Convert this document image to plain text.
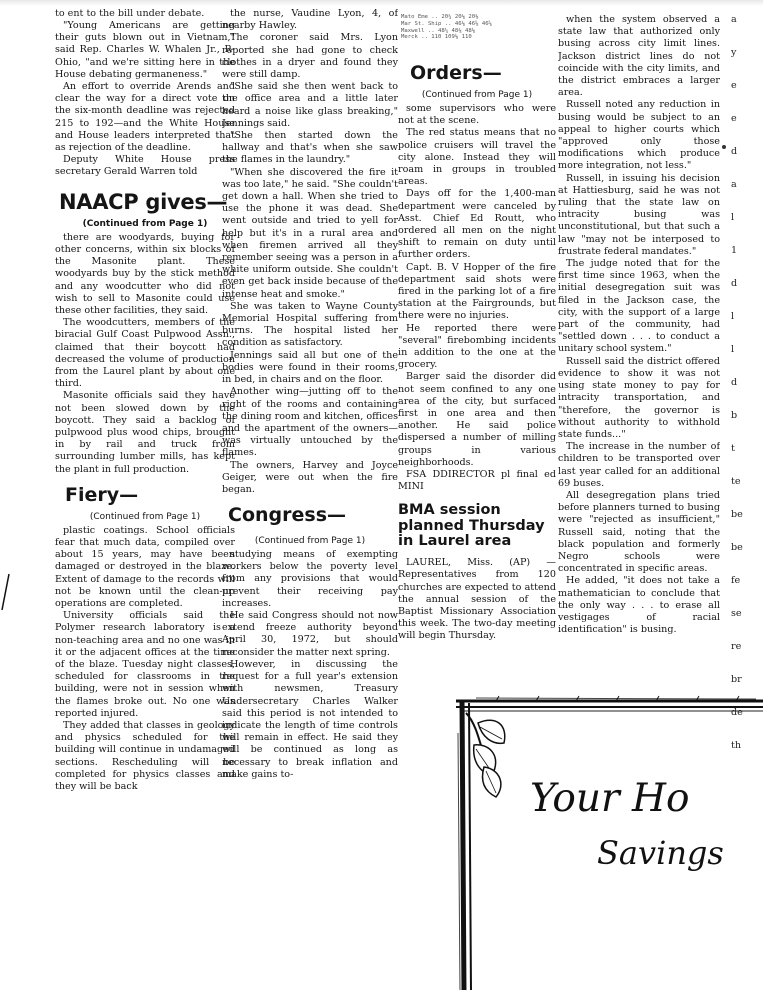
to ent to the bill under debate.

"Young Americans are getting their guts blown out in Vietnam," said Rep. Charles W. Whalen Jr., R-Ohio, "and we're sitting here in the House debating germaneness."

An effort to override Arends and clear the way for a direct vote on the six-month deadline was rejected 215 to 192—and the White House and House leaders interpreted that as rejection of the deadline.

Deputy White House press secretary Gerald Warren told

NAACP gives—

(Continued from Page 1)

there are woodyards, buying for other concerns, within six blocks of the Masonite plant. These woodyards buy by the stick method and any woodcutter who did not wish to sell to Masonite could use these other facilities, they said.

The woodcutters, members of the biracial Gulf Coast Pulpwood Assn., claimed that their boycott had decreased the volume of production from the Laurel plant by about one third.

Masonite officials said they have not been slowed down by the boycott. They said a backlog of pulpwood plus wood chips, brought in by rail and truck from surrounding lumber mills, has kept the plant in full production.

Fiery—

(Continued from Page 1)

plastic coatings. School officials fear that much data, compiled over about 15 years, may have been damaged or destroyed in the blaze. Extent of damage to the records will not be known until the clean-up operations are completed.

University officials said the Polymer research laboratory is a non-teaching area and no one was in it or the adjacent offices at the time of the blaze. Tuesday night classes, scheduled for classrooms in the building, were not in session when the flames broke out. No one was reported injured.

They added that classes in geology and physics scheduled for the building will continue in undamaged sections. Rescheduling will be completed for physics classes and they will be back

the nurse, Vaudine Lyon, 4, of nearby Hawley.

The coroner said Mrs. Lyon reported she had gone to check clothes in a dryer and found they were still damp.

"She said she then went back to the office area and a little later heard a noise like glass breaking," Jennings said.

"She then started down the hallway and that's when she saw the flames in the laundry."

"When she discovered the fire it was too late," he said. "She couldn't get down a hall. When she tried to use the phone it was dead. She went outside and tried to yell for help but it's in a rural area and when firemen arrived all they remember seeing was a person in a white uniform outside. She couldn't even get back inside because of the intense heat and smoke."

She was taken to Wayne County Memorial Hospital suffering from burns. The hospital listed her condition as satisfactory.

Jennings said all but one of the bodies were found in their rooms, in bed, in chairs and on the floor.

Another wing—jutting off to the right of the rooms and containing the dining room and kitchen, offices and the apartment of the owners—was virtually untouched by the flames.

The owners, Harvey and Joyce Geiger, were out when the fire began.

Congress—

(Continued from Page 1)

studying means of exempting workers below the poverty level from any provisions that would prevent their receiving pay increases.

He said Congress should not now extend freeze authority beyond April 30, 1972, but should reconsider the matter next spring.

However, in discussing the request for a full year's extension with newsmen, Treasury Undersecretary Charles Walker said this period is not intended to indicate the length of time controls will remain in effect. He said they will be continued as long as necessary to break inflation and make gains to-

Mato Eme .. 20¼ 20⅛ 20⅛

Mar St. Ship .. 46⅛ 46⅝ 46⅝

Maxwell .. 48¼ 48⅛ 48⅛

Merck .. 110 109⅛ 110

Orders—

(Continued from Page 1)

some supervisors who were not at the scene.

The red status means that no police cruisers will travel the city alone. Instead they will roam in groups in troubled areas.

Days off for the 1,400-man department were canceled by Asst. Chief Ed Routt, who ordered all men on the night shift to remain on duty until further orders.

Capt. B. V Hopper of the fire department said shots were fired in the parking lot of a fire station at the Fairgrounds, but there were no injuries.

He reported there were "several" firebombing incidents in addition to the one at the grocery.

Barger said the disorder did not seem confined to any one area of the city, but surfaced first in one area and then another. He said police dispersed a number of milling groups in various neighborhoods.

FSA DDIRECTOR pl final ed MINI

BMA session planned Thursday in Laurel area

LAUREL, Miss. (AP) — Representatives from 120 churches are expected to attend the annual session of the Baptist Missionary Association this week. The two-day meeting will begin Thursday.

when the system observed a state law that authorized only busing across city limit lines. Jackson district lines do not coincide with the city limits, and the district embraces a larger area.

Russell noted any reduction in busing would be subject to an appeal to higher courts which "approved only those modifications which produce more integration, not less."

Russell, in issuing his decision at Hattiesburg, said he was not ruling that the state law on intracity busing was unconstitutional, but that such a law "may not be interposed to frustrate federal mandates."

The judge noted that for the first time since 1963, when the initial desegregation suit was filed in the Jackson case, the city, with the support of a large part of the community, had "settled down . . . to conduct a unitary school system."

Russell said the district offered evidence to show it was not using state money to pay for intracity transportation, and "therefore, the governor is without authority to withhold state funds..."

The increase in the number of children to be transported over last year called for an additional 69 buses.

All desegregation plans tried before planners turned to busing were "rejected as insufficient," Russell said, noting that the black population and formerly Negro schools were concentrated in specific areas.

He added, "it does not take a mathematician to conclude that the only way . . . to erase all vestigages of racial identification" is busing.

a

y

e

e

d

a

l

1

d

l

l

d

b

t

te

be

be

fe

se

re

br

de

th

Your Ho
Savings
